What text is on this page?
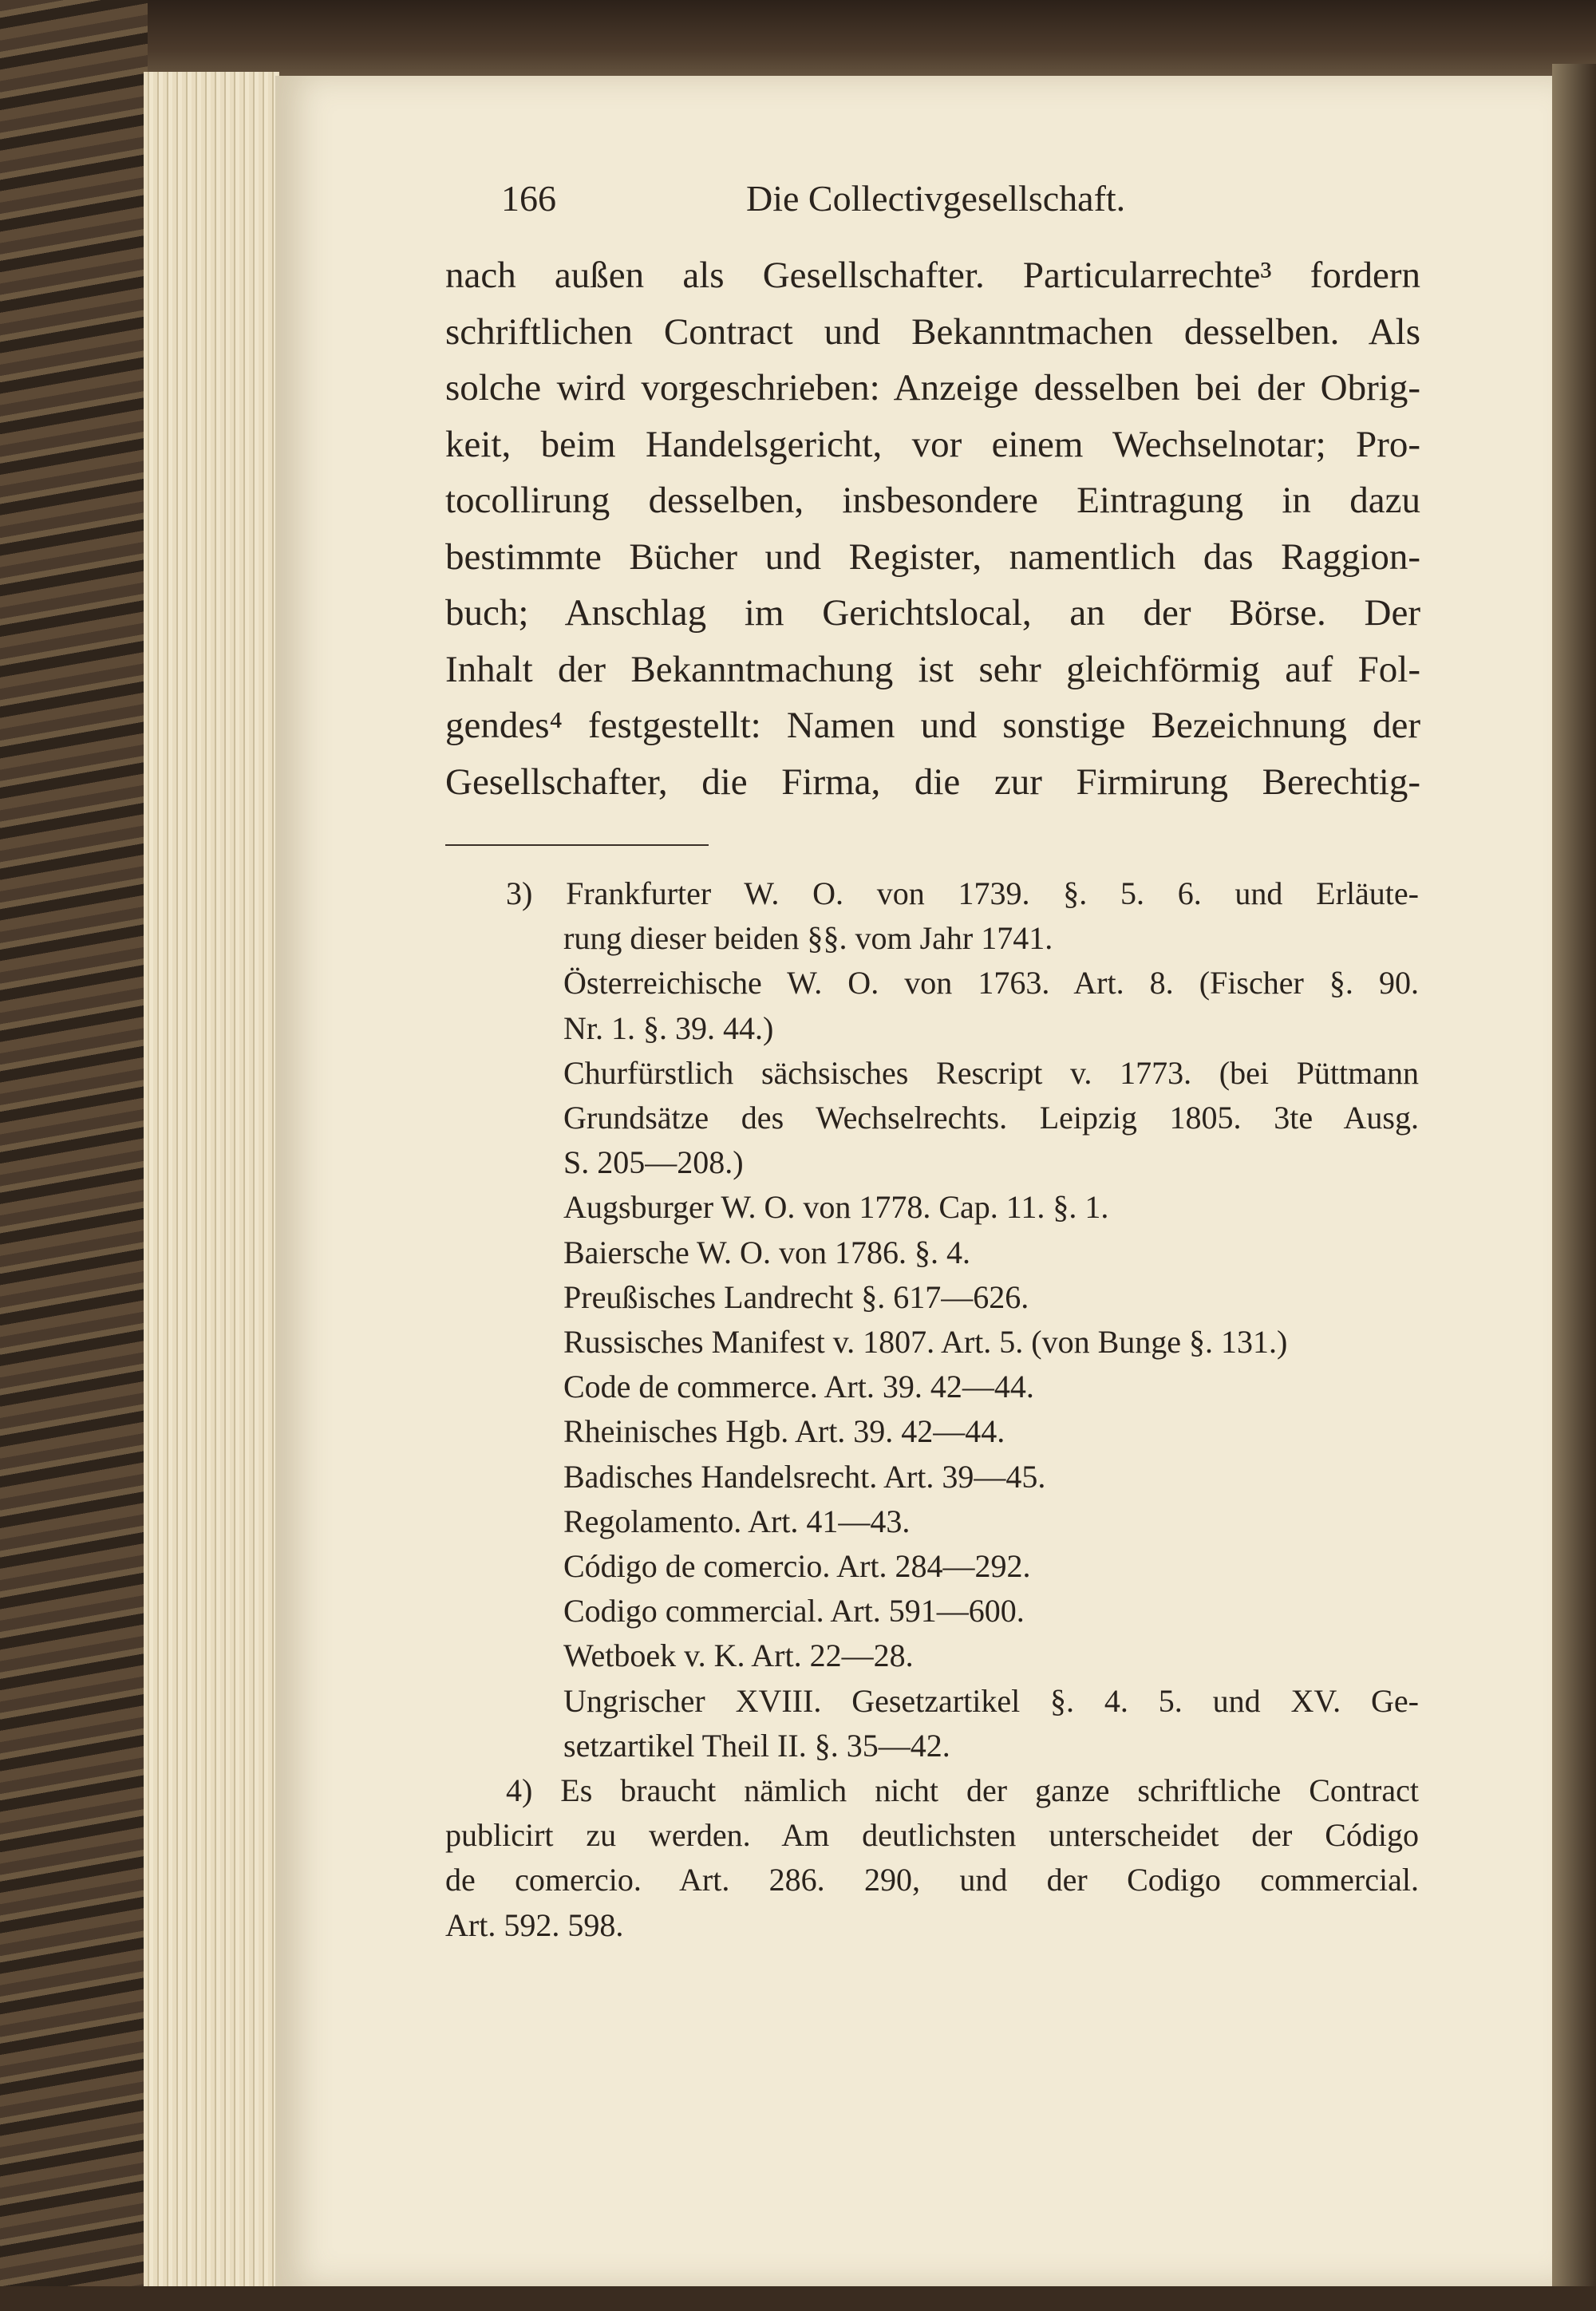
166	Die Collectivgesellschaft.
nach außen als Gesellschafter. Particularrechte³ fordern
schriftlichen Contract und Bekanntmachen desselben. Als
solche wird vorgeschrieben: Anzeige desselben bei der Obrig-
keit, beim Handelsgericht, vor einem Wechselnotar; Pro-
tocollirung desselben, insbesondere Eintragung in dazu
bestimmte Bücher und Register, namentlich das Raggion-
buch; Anschlag im Gerichtslocal, an der Börse. Der
Inhalt der Bekanntmachung ist sehr gleichförmig auf Fol-
gendes⁴ festgestellt: Namen und sonstige Bezeichnung der
Gesellschafter, die Firma, die zur Firmirung Berechtig-
3) Frankfurter W. O. von 1739. §. 5. 6. und Erläute-
rung dieser beiden §§. vom Jahr 1741.
Österreichische W. O. von 1763. Art. 8. (Fischer §. 90.
Nr. 1. §. 39. 44.)
Churfürstlich sächsisches Rescript v. 1773. (bei Püttmann
Grundsätze des Wechselrechts. Leipzig 1805. 3te Ausg.
S. 205—208.)
Augsburger W. O. von 1778. Cap. 11. §. 1.
Baiersche W. O. von 1786. §. 4.
Preußisches Landrecht §. 617—626.
Russisches Manifest v. 1807. Art. 5. (von Bunge §. 131.)
Code de commerce. Art. 39. 42—44.
Rheinisches Hgb. Art. 39. 42—44.
Badisches Handelsrecht. Art. 39—45.
Regolamento. Art. 41—43.
Código de comercio. Art. 284—292.
Codigo commercial. Art. 591—600.
Wetboek v. K. Art. 22—28.
Ungrischer XVIII. Gesetzartikel §. 4. 5. und XV. Ge-
setzartikel Theil II. §. 35—42.
4) Es braucht nämlich nicht der ganze schriftliche Contract
publicirt zu werden. Am deutlichsten unterscheidet der Código
de comercio. Art. 286. 290, und der Codigo commercial.
Art. 592. 598.
